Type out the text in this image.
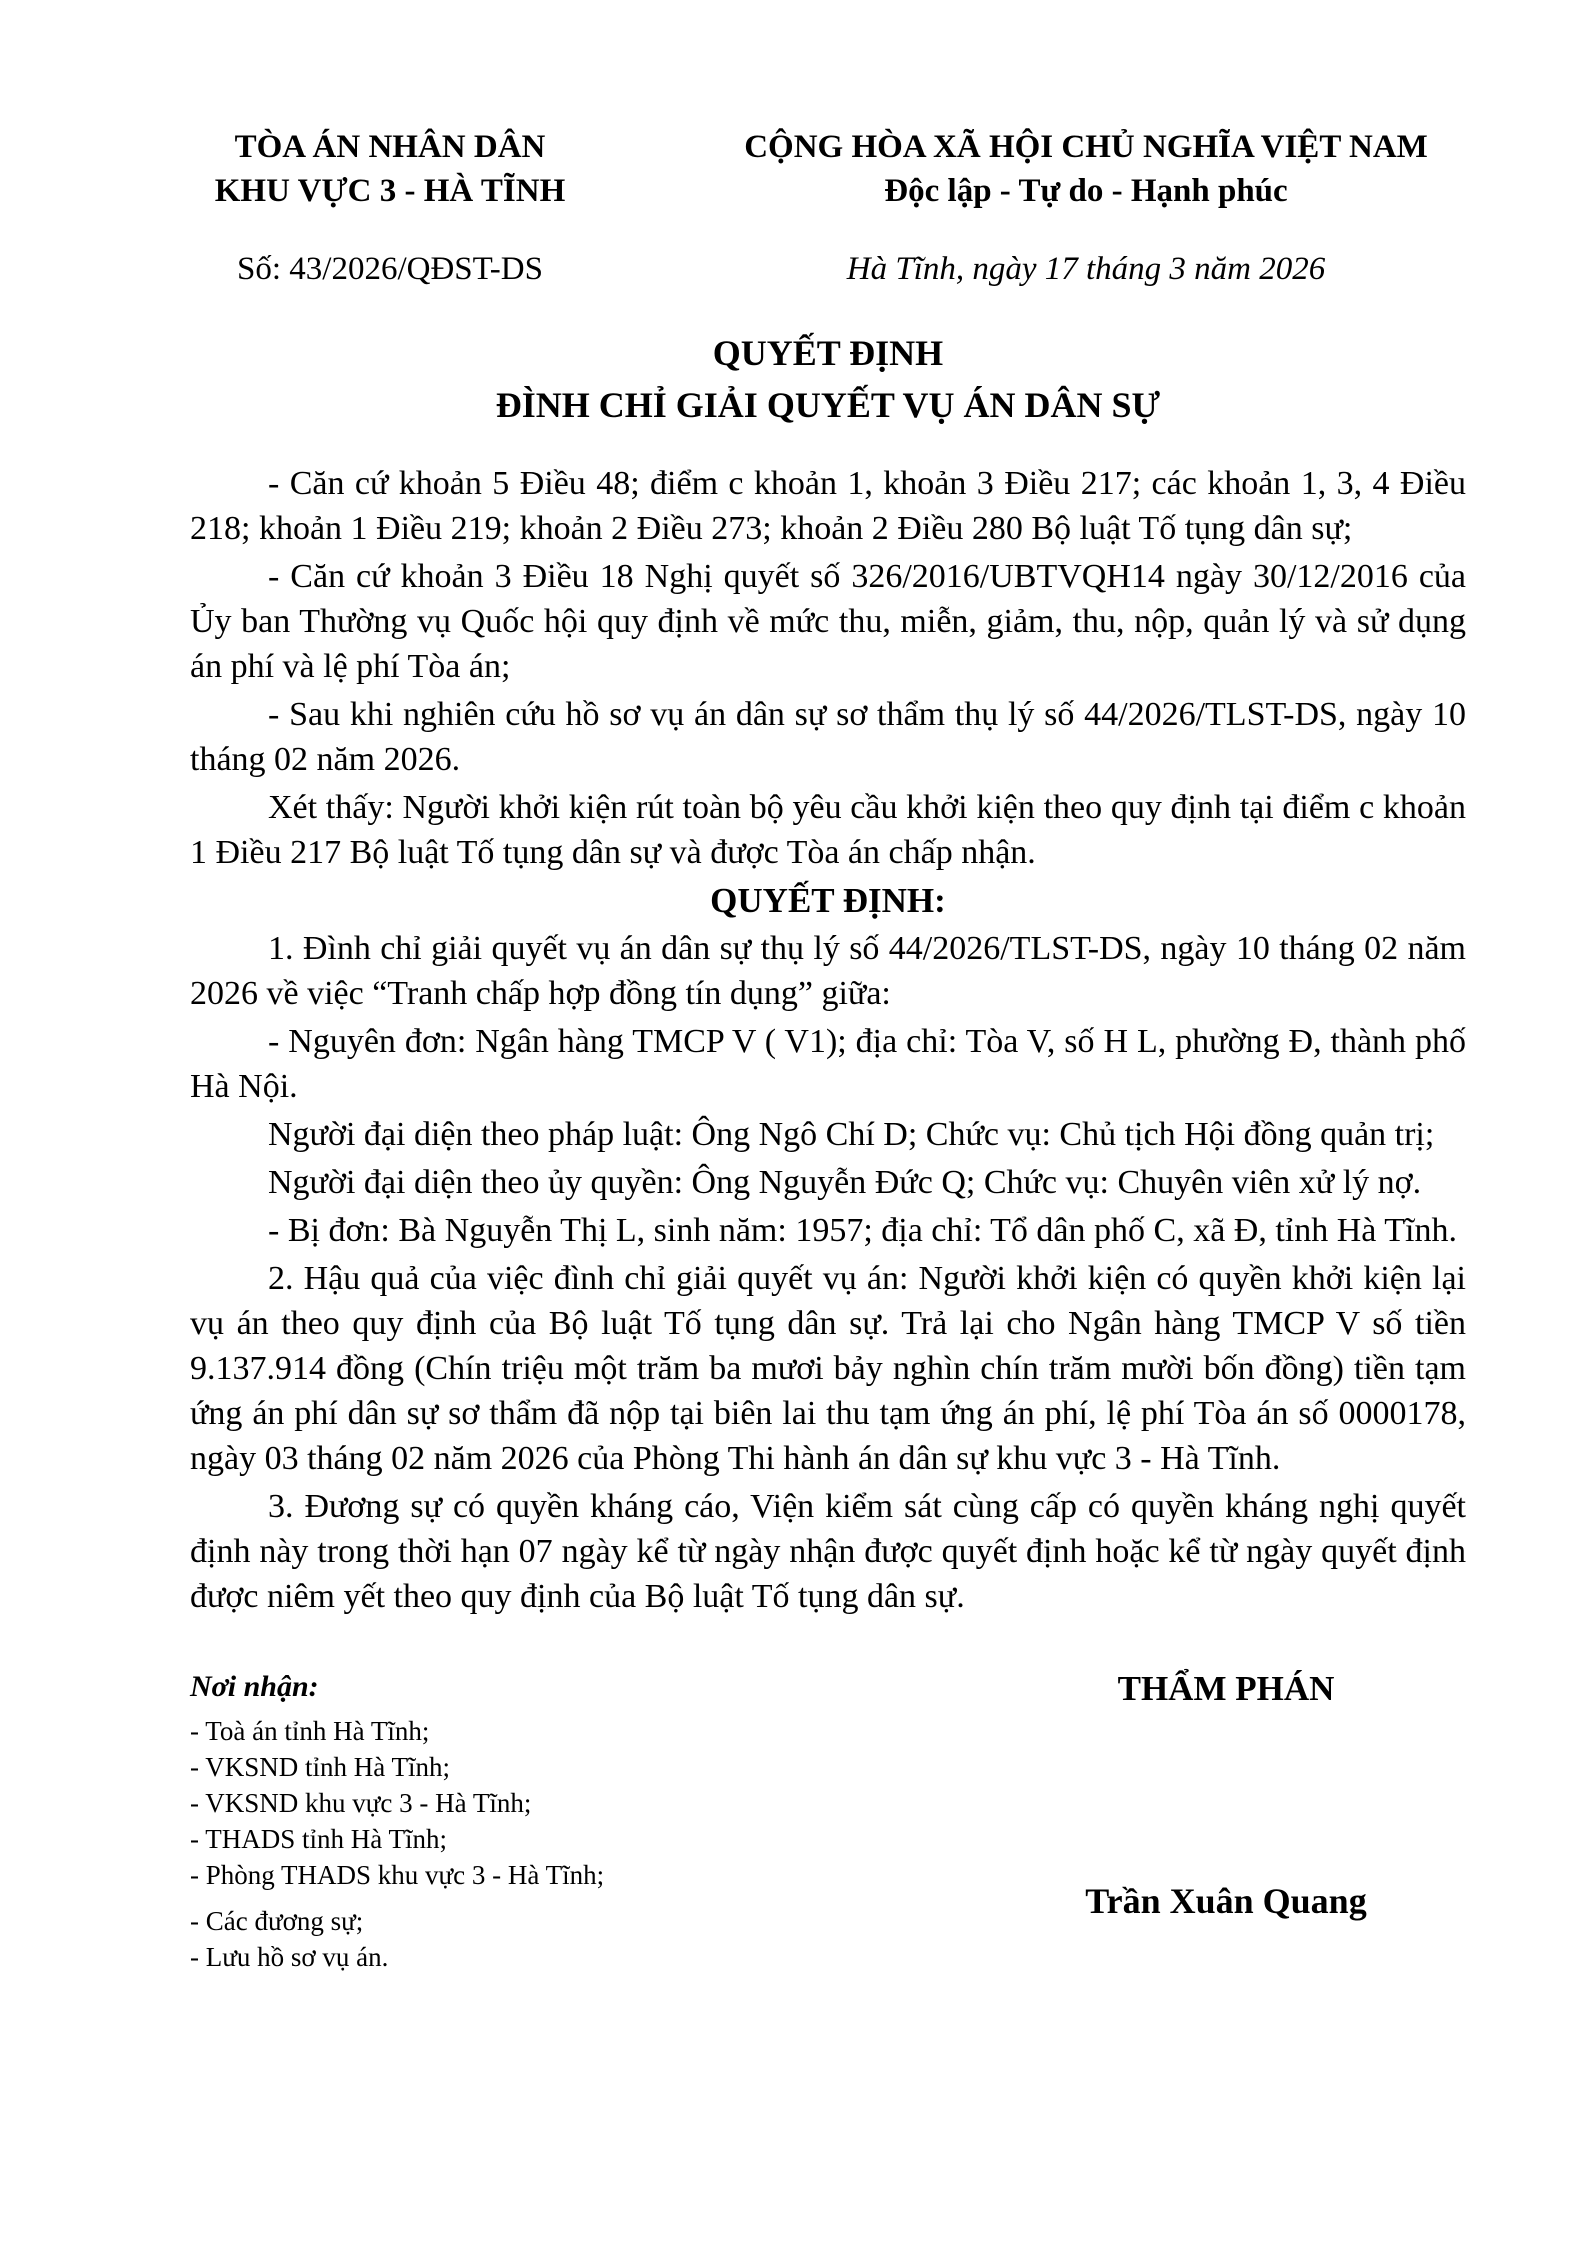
TÒA ÁN NHÂN DÂN
KHU VỰC 3 - HÀ TĨNH
Số: 43/2026/QĐST-DS
CỘNG HÒA XÃ HỘI CHỦ NGHĨA VIỆT NAM
Độc lập - Tự do - Hạnh phúc
Hà Tĩnh, ngày 17 tháng 3 năm 2026
QUYẾT ĐỊNH
ĐÌNH CHỈ GIẢI QUYẾT VỤ ÁN DÂN SỰ

- Căn cứ khoản 5 Điều 48; điểm c khoản 1, khoản 3 Điều 217; các khoản 1, 3, 4 Điều 218; khoản 1 Điều 219; khoản 2 Điều 273; khoản 2 Điều 280 Bộ luật Tố tụng dân sự;

- Căn cứ khoản 3 Điều 18 Nghị quyết số 326/2016/UBTVQH14 ngày 30/12/2016 của Ủy ban Thường vụ Quốc hội quy định về mức thu, miễn, giảm, thu, nộp, quản lý và sử dụng án phí và lệ phí Tòa án;

- Sau khi nghiên cứu hồ sơ vụ án dân sự sơ thẩm thụ lý số 44/2026/TLST-DS, ngày 10 tháng 02 năm 2026.

Xét thấy: Người khởi kiện rút toàn bộ yêu cầu khởi kiện theo quy định tại điểm c khoản 1 Điều 217 Bộ luật Tố tụng dân sự và được Tòa án chấp nhận.

QUYẾT ĐỊNH:

1. Đình chỉ giải quyết vụ án dân sự thụ lý số 44/2026/TLST-DS, ngày 10 tháng 02 năm 2026 về việc “Tranh chấp hợp đồng tín dụng” giữa:

- Nguyên đơn: Ngân hàng TMCP V ( V1); địa chỉ: Tòa V, số H L, phường Đ, thành phố Hà Nội.

Người đại diện theo pháp luật: Ông Ngô Chí D; Chức vụ: Chủ tịch Hội đồng quản trị;

Người đại diện theo ủy quyền: Ông Nguyễn Đức Q; Chức vụ: Chuyên viên xử lý nợ.

- Bị đơn: Bà Nguyễn Thị L, sinh năm: 1957; địa chỉ: Tổ dân phố C, xã Đ, tỉnh Hà Tĩnh.

2. Hậu quả của việc đình chỉ giải quyết vụ án: Người khởi kiện có quyền khởi kiện lại vụ án theo quy định của Bộ luật Tố tụng dân sự. Trả lại cho Ngân hàng TMCP V số tiền 9.137.914 đồng (Chín triệu một trăm ba mươi bảy nghìn chín trăm mười bốn đồng) tiền tạm ứng án phí dân sự sơ thẩm đã nộp tại biên lai thu tạm ứng án phí, lệ phí Tòa án số 0000178, ngày 03 tháng 02 năm 2026 của Phòng Thi hành án dân sự khu vực 3 - Hà Tĩnh.

3. Đương sự có quyền kháng cáo, Viện kiểm sát cùng cấp có quyền kháng nghị quyết định này trong thời hạn 07 ngày kể từ ngày nhận được quyết định hoặc kể từ ngày quyết định được niêm yết theo quy định của Bộ luật Tố tụng dân sự.

Nơi nhận:
- Toà án tỉnh Hà Tĩnh;
- VKSND tỉnh Hà Tĩnh;
- VKSND khu vực 3 - Hà Tĩnh;
- THADS tỉnh Hà Tĩnh;
- Phòng THADS khu vực 3 - Hà Tĩnh;
- Các đương sự;
- Lưu hồ sơ vụ án.
THẨM PHÁN
Trần Xuân Quang
